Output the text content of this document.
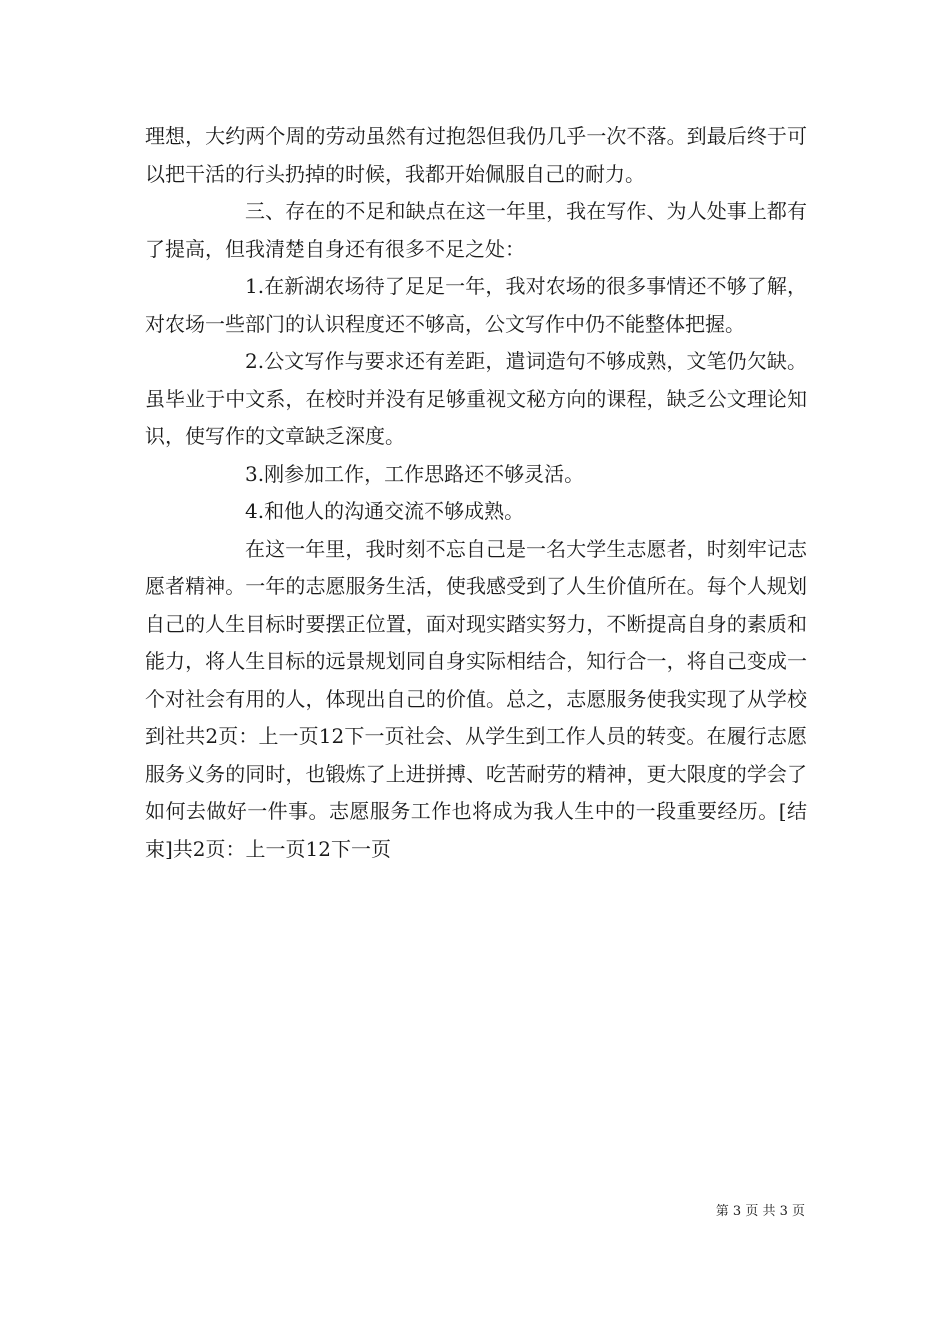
理想，大约两个周的劳动虽然有过抱怨但我仍几乎一次不落。到最后终于可以把干活的行头扔掉的时候，我都开始佩服自己的耐力。

三、存在的不足和缺点在这一年里，我在写作、为人处事上都有了提高，但我清楚自身还有很多不足之处：

1.在新湖农场待了足足一年，我对农场的很多事情还不够了解，对农场一些部门的认识程度还不够高，公文写作中仍不能整体把握。

2.公文写作与要求还有差距，遣词造句不够成熟，文笔仍欠缺。虽毕业于中文系，在校时并没有足够重视文秘方向的课程，缺乏公文理论知识，使写作的文章缺乏深度。

3.刚参加工作，工作思路还不够灵活。

4.和他人的沟通交流不够成熟。

在这一年里，我时刻不忘自己是一名大学生志愿者，时刻牢记志愿者精神。一年的志愿服务生活，使我感受到了人生价值所在。每个人规划自己的人生目标时要摆正位置，面对现实踏实努力，不断提高自身的素质和能力，将人生目标的远景规划同自身实际相结合，知行合一，将自己变成一个对社会有用的人，体现出自己的价值。总之，志愿服务使我实现了从学校到社共2页：上一页12下一页社会、从学生到工作人员的转变。在履行志愿服务义务的同时，也锻炼了上进拼搏、吃苦耐劳的精神，更大限度的学会了如何去做好一件事。志愿服务工作也将成为我人生中的一段重要经历。[结束]共2页：上一页12下一页

第 3 页 共 3 页
